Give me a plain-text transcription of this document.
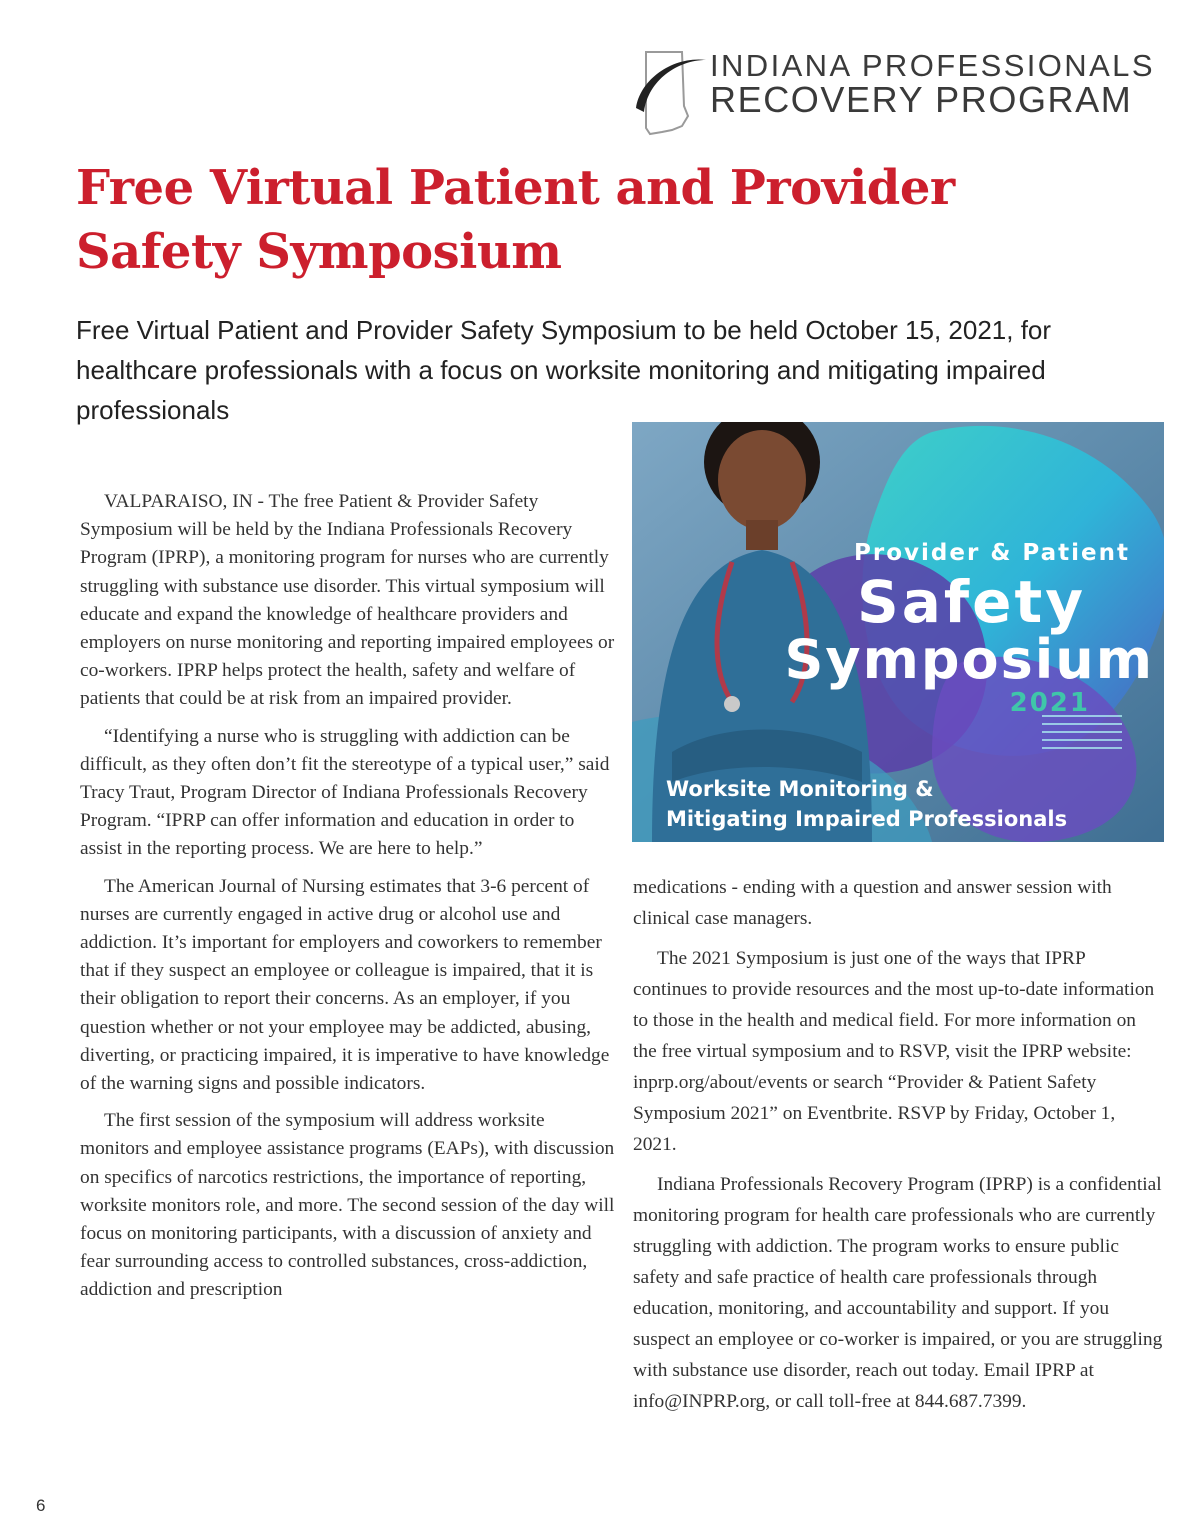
INDIANA PROFESSIONALS
RECOVERY PROGRAM
Free Virtual Patient and Provider Safety Symposium

Free Virtual Patient and Provider Safety Symposium to be held October 15, 2021, for healthcare professionals with a focus on worksite monitoring and mitigating impaired professionals

VALPARAISO, IN - The free Patient & Provider Safety Symposium will be held by the Indiana Professionals Recovery Program (IPRP), a monitoring program for nurses who are currently struggling with substance use disorder. This virtual symposium will educate and expand the knowledge of healthcare providers and employers on nurse monitoring and reporting impaired employees or co-workers. IPRP helps protect the health, safety and welfare of patients that could be at risk from an impaired provider.

“Identifying a nurse who is struggling with addiction can be difficult, as they often don’t fit the stereotype of a typical user,” said Tracy Traut, Program Director of Indiana Professionals Recovery Program. “IPRP can offer information and education in order to assist in the reporting process. We are here to help.”

The American Journal of Nursing estimates that 3-6 percent of nurses are currently engaged in active drug or alcohol use and addiction. It’s important for employers and coworkers to remember that if they suspect an employee or colleague is impaired, that it is their obligation to report their concerns. As an employer, if you question whether or not your employee may be addicted, abusing, diverting, or practicing impaired, it is imperative to have knowledge of the warning signs and possible indicators.

The first session of the symposium will address worksite monitors and employee assistance programs (EAPs), with discussion on specifics of narcotics restrictions, the importance of reporting, worksite monitors role, and more. The second session of the day will focus on monitoring participants, with a discussion of anxiety and fear surrounding access to controlled substances, cross-addiction, addiction and prescription

Provider & Patient
Safety
Symposium
2021
Worksite Monitoring &
Mitigating Impaired Professionals

medications - ending with a question and answer session with clinical case managers.

The 2021 Symposium is just one of the ways that IPRP continues to provide resources and the most up-to-date information to those in the health and medical field. For more information on the free virtual symposium and to RSVP, visit the IPRP website: inprp.org/about/events or search “Provider & Patient Safety Symposium 2021” on Eventbrite. RSVP by Friday, October 1, 2021.

Indiana Professionals Recovery Program (IPRP) is a confidential monitoring program for health care professionals who are currently struggling with addiction. The program works to ensure public safety and safe practice of health care professionals through education, monitoring, and accountability and support. If you suspect an employee or co-worker is impaired, or you are struggling with substance use disorder, reach out today. Email IPRP at info@INPRP.org, or call toll-free at 844.687.7399.

6
